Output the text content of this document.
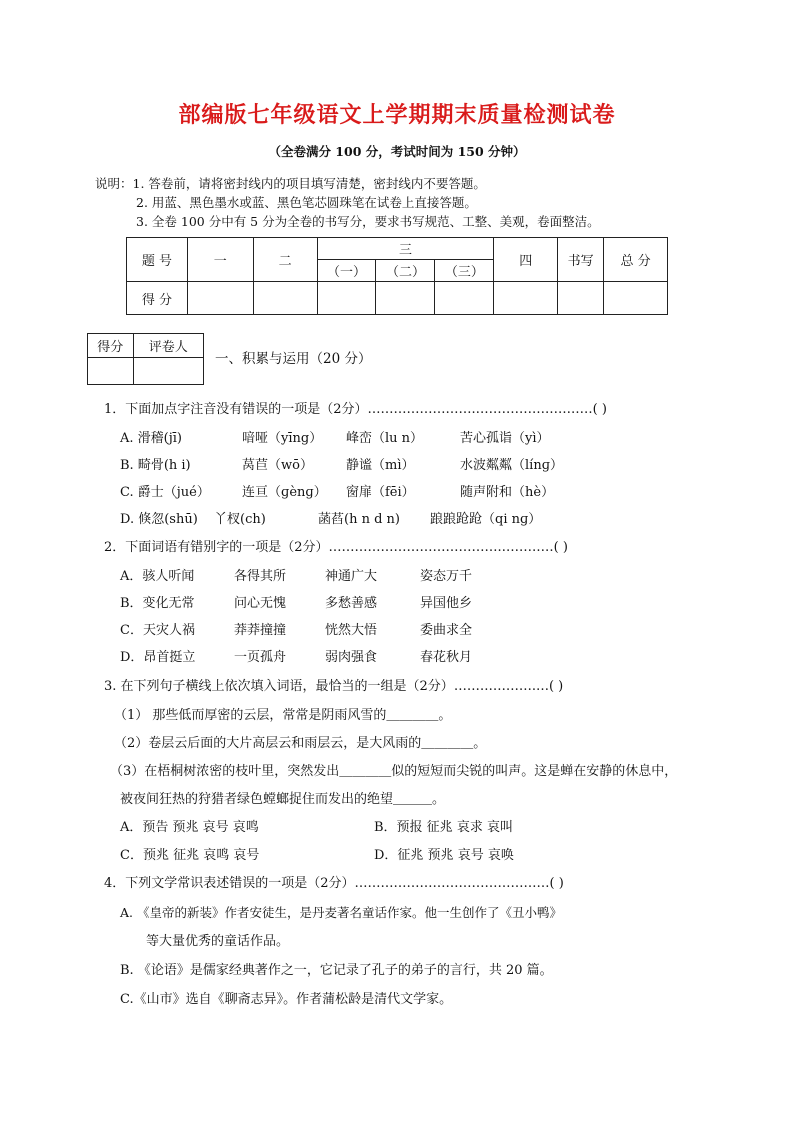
部编版七年级语文上学期期末质量检测试卷
（全卷满分 100 分，考试时间为 150 分钟）
说明：1. 答卷前，请将密封线内的项目填写清楚，密封线内不要答题。
2. 用蓝、黑色墨水或蓝、黑色笔芯圆珠笔在试卷上直接答题。
3. 全卷 100 分中有 5 分为全卷的书写分，要求书写规范、工整、美观，卷面整洁。
题 号	一	二	三			四	书写	总 分
			（一）	（二）	（三）			
得 分								
得分	评卷人

一、积累与运用（20 分）
1．下面加点字注音没有错误的一项是（2分）…………………….………………………( )
A. 滑稽(jī)	喑哑（yīng） 峰峦（lu n）	苦心孤诣（yì）
B. 畸骨(h i)	莴苣（wō）	静谧（mì）	水波粼粼（línɡ）
C. 爵士（jué） 连亘（ɡènɡ） 窗扉（fēi）	随声附和（hè）
D. 倏忽(shū) 丫杈(ch)	菡萏(h n d n) 踉踉跄跄（qi nɡ）
2．下面词语有错别字的一项是（2分）………………………………….…………( )
A．骇人听闻	各得其所	神通广大	姿态万千
B．变化无常	问心无愧	多愁善感	异国他乡
C．天灾人祸	莽莽撞撞	恍然大悟	委曲求全
D．昂首挺立	一页孤舟	弱肉强食	春花秋月
3. 在下列句子横线上依次填入词语，最恰当的一组是（2分）……………….…( )
（1） 那些低而厚密的云层，常常是阴雨风雪的＿＿＿＿。
（2）卷层云后面的大片高层云和雨层云，是大风雨的＿＿＿＿。
（3）在梧桐树浓密的枝叶里，突然发出＿＿＿＿似的短短而尖锐的叫声。这是蝉在安静的休息中，
被夜间狂热的狩猎者绿色螳螂捉住而发出的绝望＿＿＿。
A．预告 预兆 哀号 哀鸣	B．预报 征兆 哀求 哀叫
C．预兆 征兆 哀鸣 哀号	D．征兆 预兆 哀号 哀唤
4．下列文学常识表述错误的一项是（2分）………………………………………( )
A. 《皇帝的新装》作者安徒生，是丹麦著名童话作家。他一生创作了《丑小鸭》
等大量优秀的童话作品。
B. 《论语》是儒家经典著作之一，它记录了孔子的弟子的言行，共 20 篇。
C.《山市》选自《聊斋志异》。作者蒲松龄是清代文学家。
